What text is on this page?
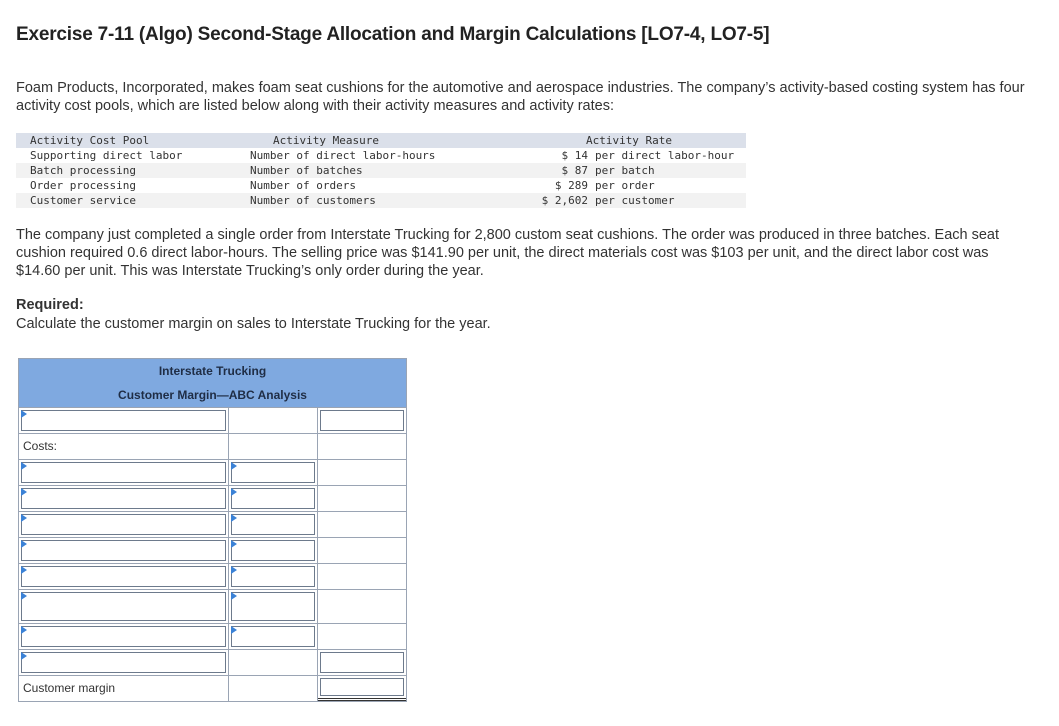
Exercise 7-11 (Algo) Second-Stage Allocation and Margin Calculations [LO7-4, LO7-5]

Foam Products, Incorporated, makes foam seat cushions for the automotive and aerospace industries. The company’s activity-based costing system has four activity cost pools, which are listed below along with their activity measures and activity rates:

Activity Cost Pool	Activity Measure	Activity Rate
Supporting direct labor	Number of direct labor-hours	$ 14 per direct labor-hour
Batch processing	Number of batches	$ 87 per batch
Order processing	Number of orders	$ 289 per order
Customer service	Number of customers	$ 2,602 per customer

The company just completed a single order from Interstate Trucking for 2,800 custom seat cushions. The order was produced in three batches. Each seat cushion required 0.6 direct labor-hours. The selling price was $141.90 per unit, the direct materials cost was $103 per unit, and the direct labor cost was $14.60 per unit. This was Interstate Trucking’s only order during the year.

Required:

Calculate the customer margin on sales to Interstate Trucking for the year.

Interstate Trucking
Customer Margin—ABC Analysis
Costs:
Customer margin
